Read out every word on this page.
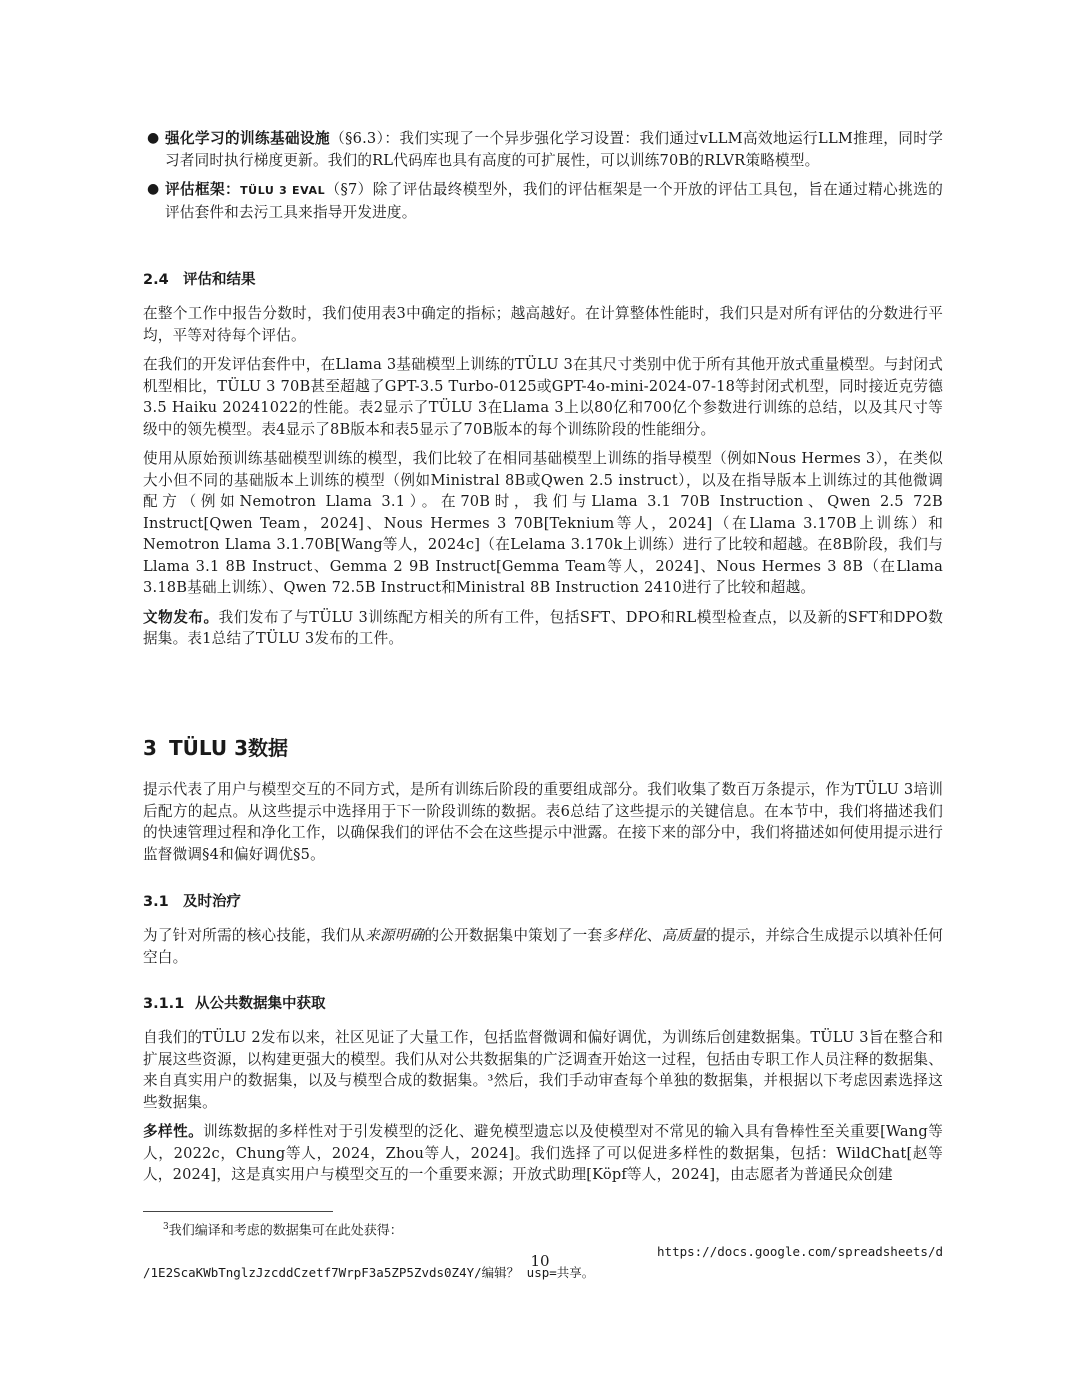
● 强化学习的训练基础设施（§6.3）：我们实现了一个异步强化学习设置：我们通过vLLM高效地运行LLM推理，同时学习者同时执行梯度更新。我们的RL代码库也具有高度的可扩展性，可以训练70B的RLVR策略模型。

● 评估框架：TÜLU 3 EVAL（§7）除了评估最终模型外，我们的评估框架是一个开放的评估工具包，旨在通过精心挑选的评估套件和去污工具来指导开发进度。

2.4 评估和结果

在整个工作中报告分数时，我们使用表3中确定的指标；越高越好。在计算整体性能时，我们只是对所有评估的分数进行平均，平等对待每个评估。

在我们的开发评估套件中，在Llama 3基础模型上训练的TÜLU 3在其尺寸类别中优于所有其他开放式重量模型。与封闭式机型相比，TÜLU 3 70B甚至超越了GPT-3.5 Turbo-0125或GPT-4o-mini-2024-07-18等封闭式机型，同时接近克劳德3.5 Haiku 20241022的性能。表2显示了TÜLU 3在Llama 3上以80亿和700亿个参数进行训练的总结，以及其尺寸等级中的领先模型。表4显示了8B版本和表5显示了70B版本的每个训练阶段的性能细分。

使用从原始预训练基础模型训练的模型，我们比较了在相同基础模型上训练的指导模型（例如Nous Hermes 3），在类似大小但不同的基础版本上训练的模型（例如Ministral 8B或Qwen 2.5 instruct），以及在指导版本上训练过的其他微调配方（例如Nemotron Llama 3.1）。在70B时，我们与Llama 3.1 70B Instruction、Qwen 2.5 72B Instruct[Qwen Team，2024]、Nous Hermes 3 70B[Teknium等人，2024]（在Llama 3.170B上训练）和Nemotron Llama 3.1.70B[Wang等人，2024c]（在Lelama 3.170k上训练）进行了比较和超越。在8B阶段，我们与Llama 3.1 8B Instruct、Gemma 2 9B Instruct[Gemma Team等人，2024]、Nous Hermes 3 8B（在Llama 3.18B基础上训练）、Qwen 72.5B Instruct和Ministral 8B Instruction 2410进行了比较和超越。

文物发布。我们发布了与TÜLU 3训练配方相关的所有工件，包括SFT、DPO和RL模型检查点，以及新的SFT和DPO数据集。表1总结了TÜLU 3发布的工件。

3 TÜLU 3数据

提示代表了用户与模型交互的不同方式，是所有训练后阶段的重要组成部分。我们收集了数百万条提示，作为TÜLU 3培训后配方的起点。从这些提示中选择用于下一阶段训练的数据。表6总结了这些提示的关键信息。在本节中，我们将描述我们的快速管理过程和净化工作，以确保我们的评估不会在这些提示中泄露。在接下来的部分中，我们将描述如何使用提示进行监督微调§4和偏好调优§5。

3.1 及时治疗

为了针对所需的核心技能，我们从来源明确的公开数据集中策划了一套多样化、高质量的提示，并综合生成提示以填补任何空白。

3.1.1 从公共数据集中获取

自我们的TÜLU 2发布以来，社区见证了大量工作，包括监督微调和偏好调优，为训练后创建数据集。TÜLU 3旨在整合和扩展这些资源，以构建更强大的模型。我们从对公共数据集的广泛调查开始这一过程，包括由专职工作人员注释的数据集、来自真实用户的数据集，以及与模型合成的数据集。³然后，我们手动审查每个单独的数据集，并根据以下考虑因素选择这些数据集。

多样性。训练数据的多样性对于引发模型的泛化、避免模型遗忘以及使模型对不常见的输入具有鲁棒性至关重要[Wang等人，2022c，Chung等人，2024，Zhou等人，2024]。我们选择了可以促进多样性的数据集，包括：WildChat[赵等人，2024]，这是真实用户与模型交互的一个重要来源；开放式助理[Köpf等人，2024]，由志愿者为普通民众创建

$^3$我们编译和考虑的数据集可在此处获得：
https://docs.google.com/spreadsheets/d
/1E2ScaKWbTnglzJzcddCzetf7WrpF3a5ZP5Zvds0Z4Y/编辑？ usp=共享。
10
